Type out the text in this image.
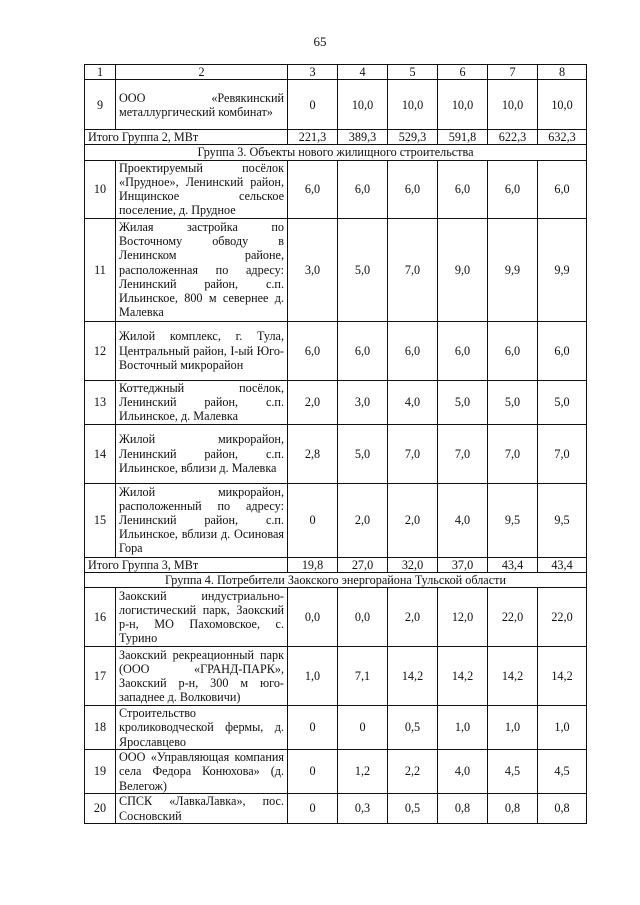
65
1	2	3	4	5	6	7	8
9	ООО «Ревякинский металлургический комбинат»	0	10,0	10,0	10,0	10,0	10,0
Итого Группа 2, МВт		221,3	389,3	529,3	591,8	622,3	632,3
Группа 3. Объекты нового жилищного строительства							
10	Проектируемый посёлок «Прудное», Ленинский район, Инщинское сельское поселение, д. Прудное	6,0	6,0	6,0	6,0	6,0	6,0
11	Жилая застройка по Восточному обводу в Ленинском районе, расположенная по адресу: Ленинский район, с.п. Ильинское, 800 м севернее д. Малевка	3,0	5,0	7,0	9,0	9,9	9,9
12	Жилой комплекс, г. Тула, Центральный район, I-ый Юго-Восточный микрорайон	6,0	6,0	6,0	6,0	6,0	6,0
13	Коттеджный посёлок, Ленинский район, с.п. Ильинское, д. Малевка	2,0	3,0	4,0	5,0	5,0	5,0
14	Жилой микрорайон, Ленинский район, с.п. Ильинское, вблизи д. Малевка	2,8	5,0	7,0	7,0	7,0	7,0
15	Жилой микрорайон, расположенный по адресу: Ленинский район, с.п. Ильинское, вблизи д. Осиновая Гора	0	2,0	2,0	4,0	9,5	9,5
Итого Группа 3, МВт		19,8	27,0	32,0	37,0	43,4	43,4
Группа 4. Потребители Заокского энергорайона Тульской области							
16	Заокский индустриально-логистический парк, Заокский р-н, МО Пахомовское, с. Турино	0,0	0,0	2,0	12,0	22,0	22,0
17	Заокский рекреационный парк (ООО «ГРАНД-ПАРК», Заокский р-н, 300 м юго-западнее д. Волковичи)	1,0	7,1	14,2	14,2	14,2	14,2
18	Строительство кролиководческой фермы, д. Ярославцево	0	0	0,5	1,0	1,0	1,0
19	ООО «Управляющая компания села Федора Конюхова» (д. Велегож)	0	1,2	2,2	4,0	4,5	4,5
20	СПСК «ЛавкаЛавка», пос. Сосновский	0	0,3	0,5	0,8	0,8	0,8
